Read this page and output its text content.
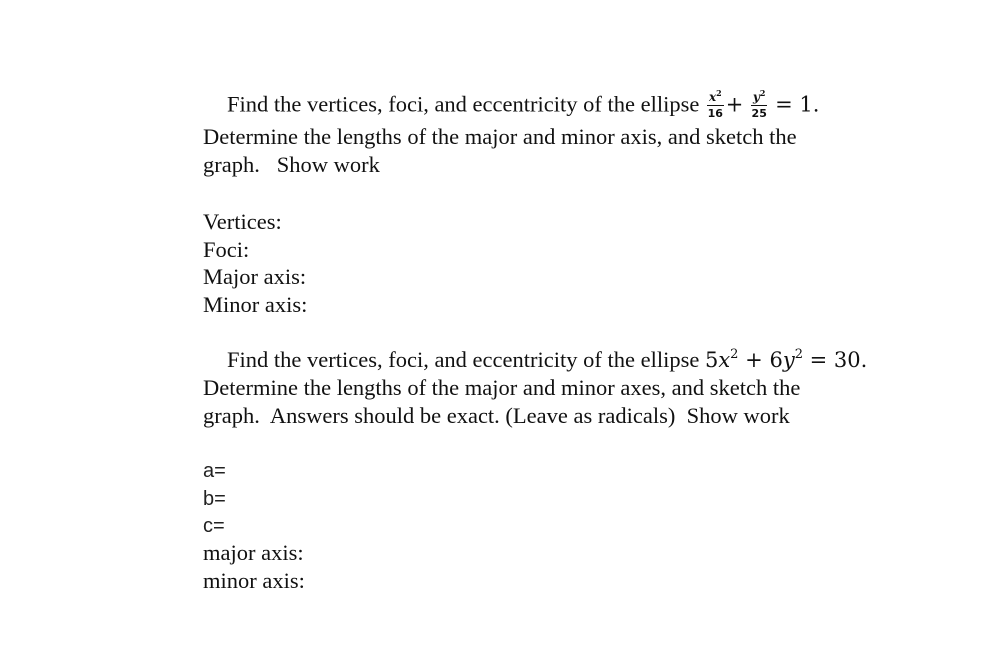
Find the vertices, foci, and eccentricity of the ellipse $\frac{x^2}{16} + \frac{y^2}{25} = 1$.
Determine the lengths of the major and minor axis, and sketch the
graph.   Show work
Vertices:
Foci:
Major axis:
Minor axis:
Find the vertices, foci, and eccentricity of the ellipse $5x^2 + 6y^2 = 30$.
Determine the lengths of the major and minor axes, and sketch the
graph.  Answers should be exact. (Leave as radicals)  Show work
a=
b=
c=
major axis:
minor axis:
